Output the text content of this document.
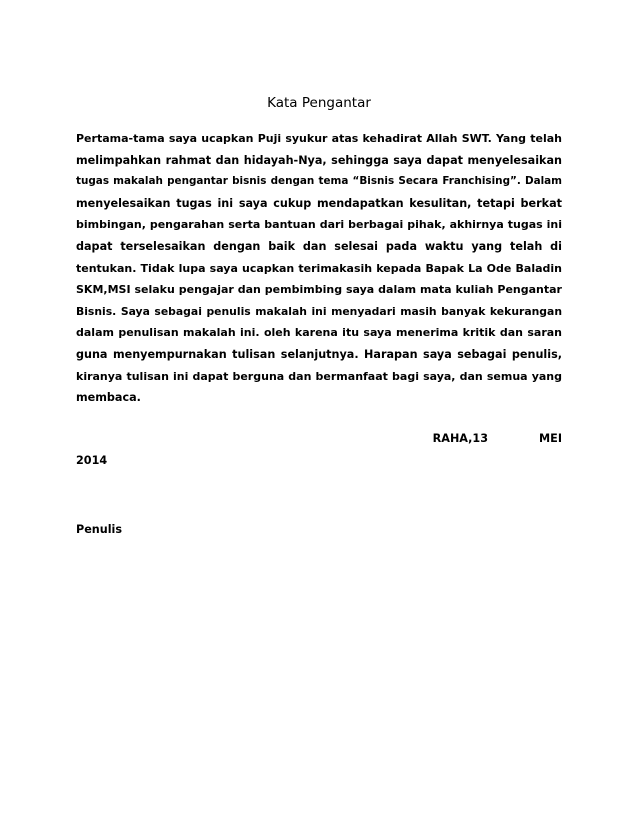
Kata Pengantar
Pertama-tama saya ucapkan Puji syukur atas kehadirat Allah SWT. Yang telah
melimpahkan rahmat dan hidayah-Nya, sehingga saya dapat menyelesaikan
tugas makalah pengantar bisnis dengan tema “Bisnis Secara Franchising”. Dalam
menyelesaikan tugas ini saya cukup mendapatkan kesulitan, tetapi berkat
bimbingan, pengarahan serta bantuan dari berbagai pihak, akhirnya tugas ini
dapat terselesaikan dengan baik dan selesai pada waktu yang telah di
tentukan. Tidak lupa saya ucapkan terimakasih kepada Bapak La Ode Baladin
SKM,MSI selaku pengajar dan pembimbing saya dalam mata kuliah Pengantar
Bisnis. Saya sebagai penulis makalah ini menyadari masih banyak kekurangan
dalam penulisan makalah ini. oleh karena itu saya menerima kritik dan saran
guna menyempurnakan tulisan selanjutnya. Harapan saya sebagai penulis,
kiranya tulisan ini dapat berguna dan bermanfaat bagi saya, dan semua yang
membaca.
RAHA,13	MEI
2014
Penulis
